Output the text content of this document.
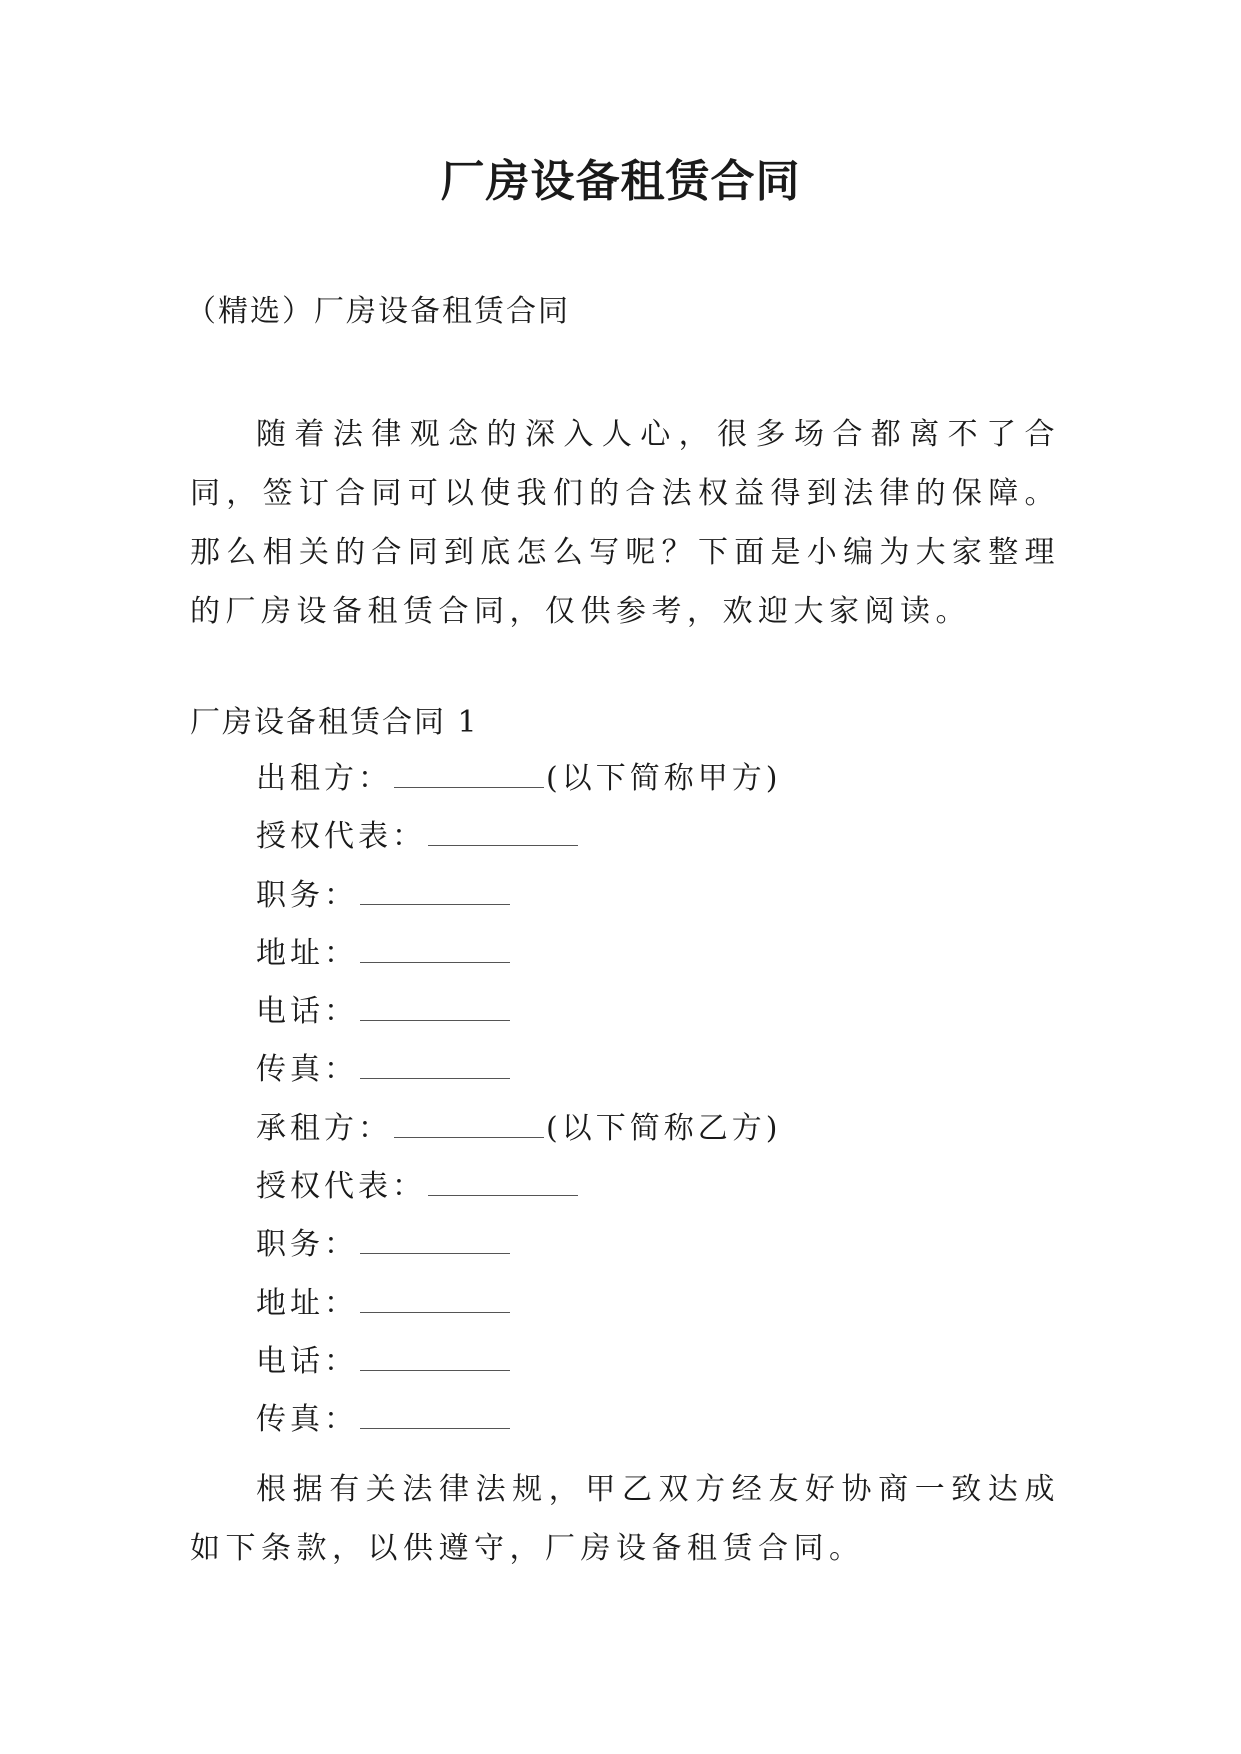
厂房设备租赁合同
（精选）厂房设备租赁合同

随着法律观念的深入人心，很多场合都离不了合同，签订合同可以使我们的合法权益得到法律的保障。那么相关的合同到底怎么写呢？下面是小编为大家整理的厂房设备租赁合同，仅供参考，欢迎大家阅读。

厂房设备租赁合同 1
出租方：	(以下简称甲方)
授权代表：
职务：
地址：
电话：
传真：
承租方：	(以下简称乙方)
授权代表：
职务：
地址：
电话：
传真：

根据有关法律法规，甲乙双方经友好协商一致达成如下条款，以供遵守，厂房设备租赁合同。
